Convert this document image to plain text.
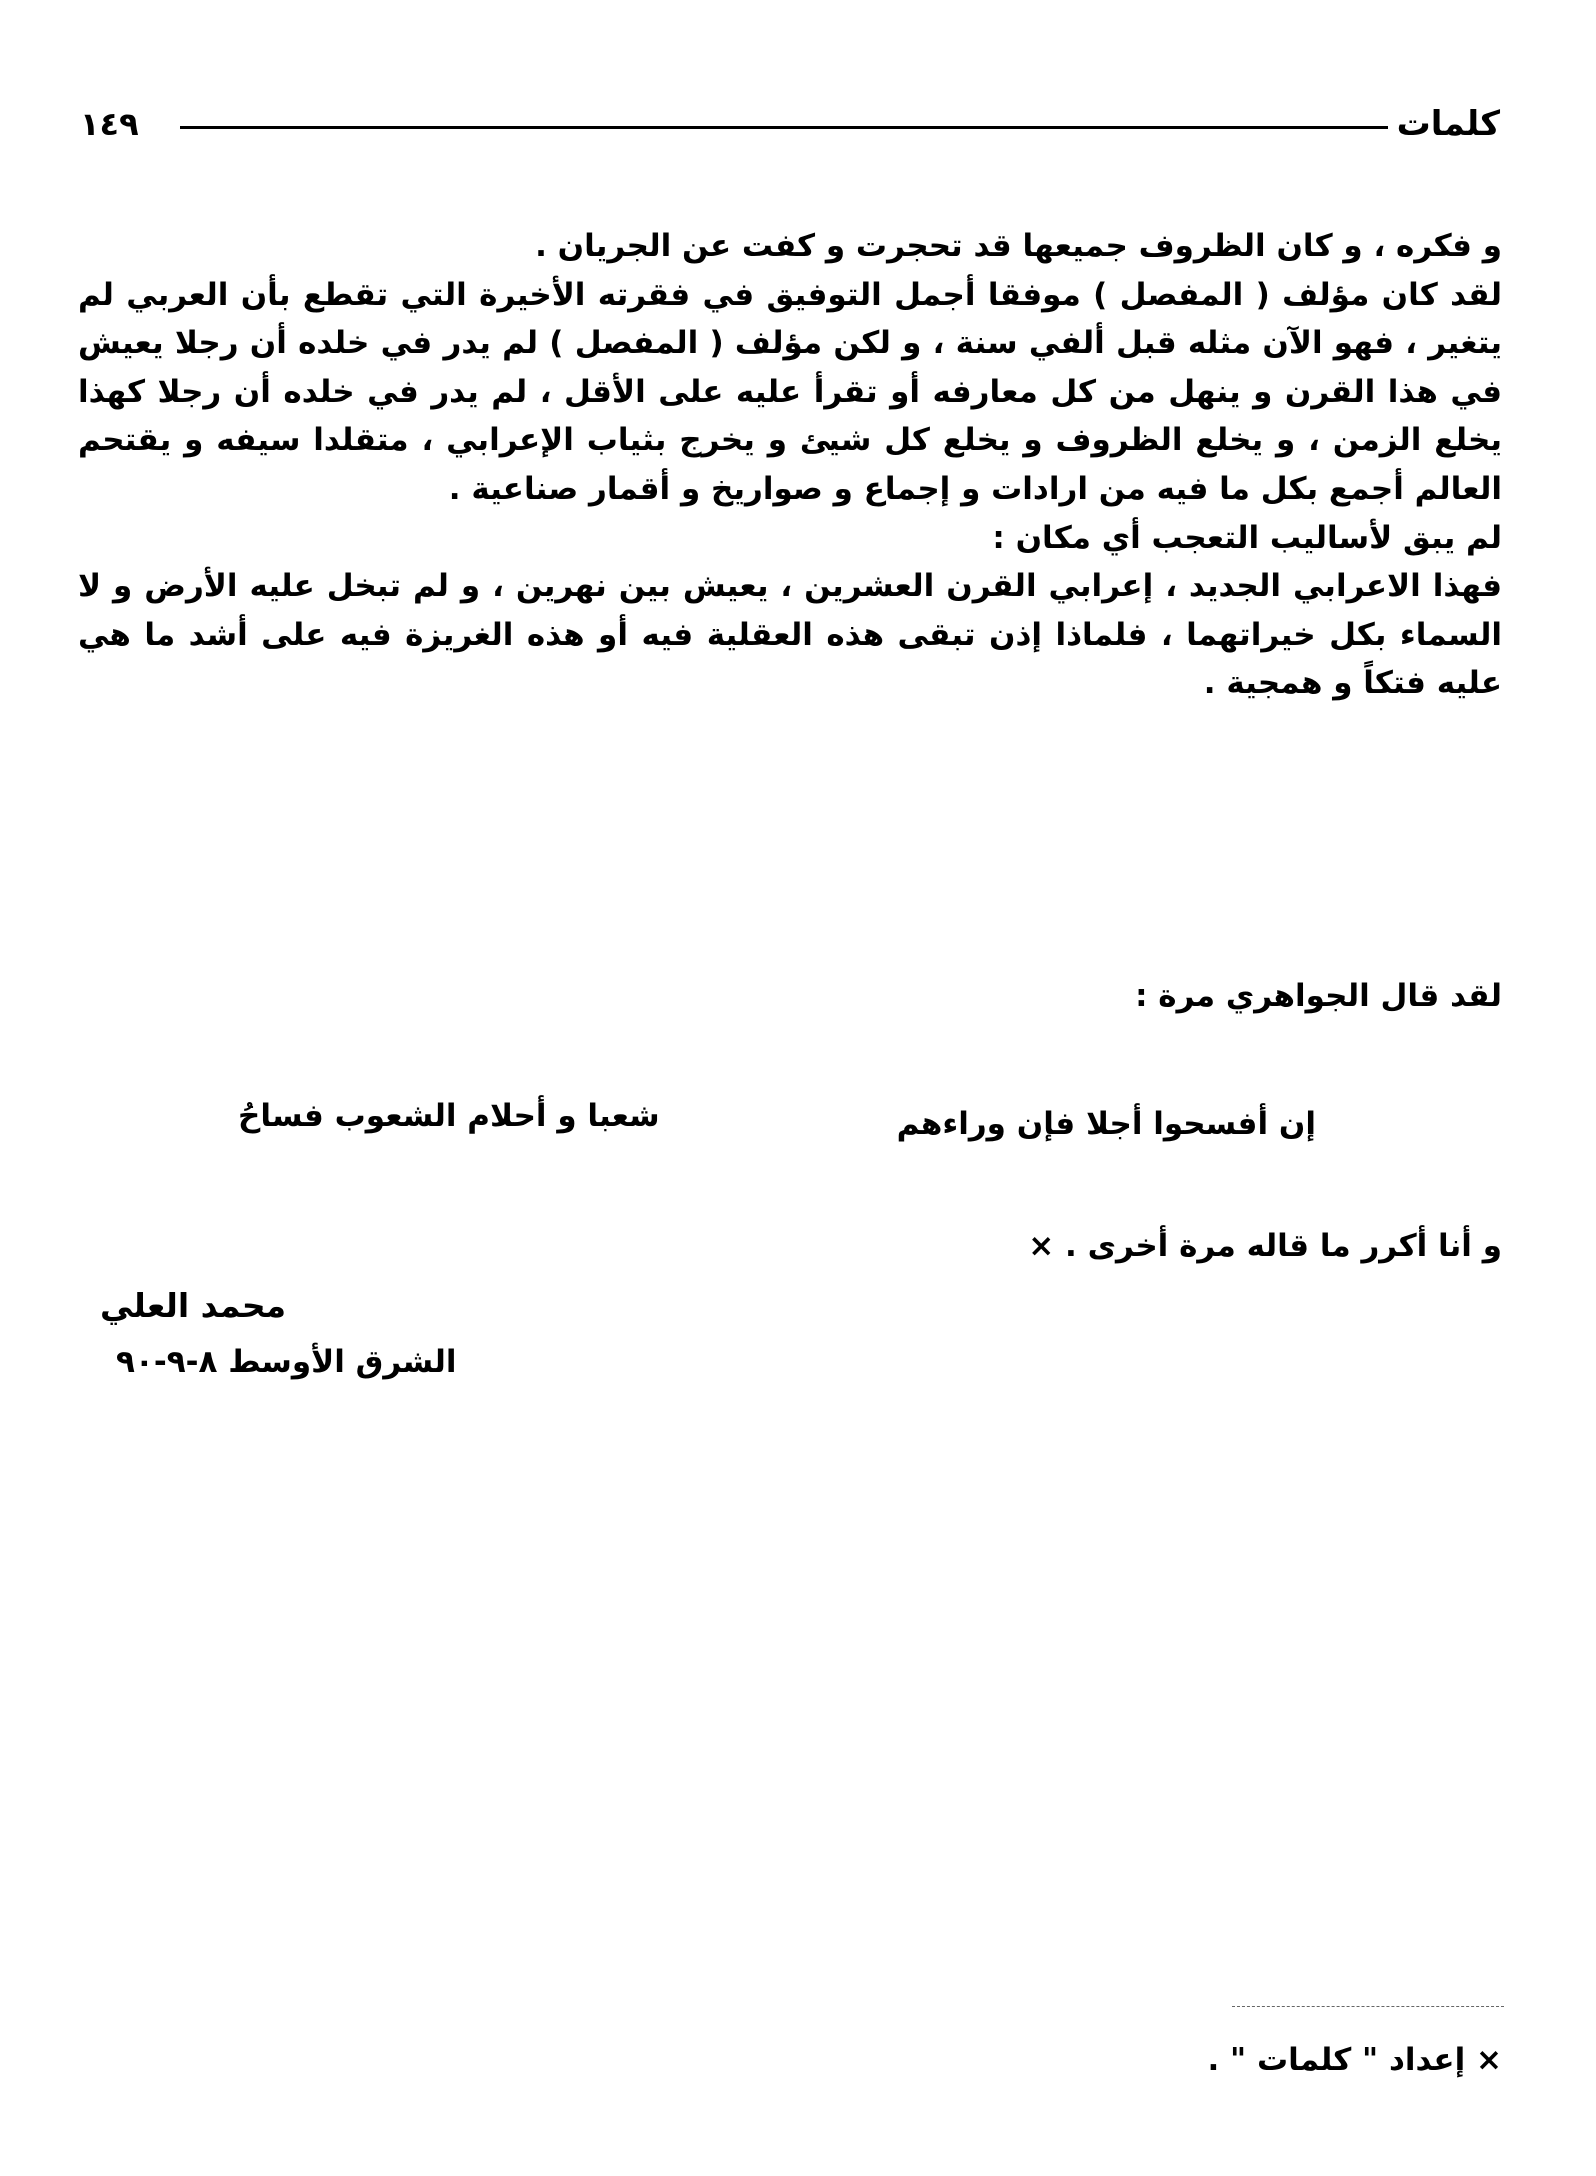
كلمات
١٤٩

و فكره ، و كان الظروف جميعها قد تحجرت و كفت عن الجريان .

لقد كان مؤلف ( المفصل ) موفقا أجمل التوفيق في فقرته الأخيرة التي تقطع بأن العربي لم يتغير ، فهو الآن مثله قبل ألفي سنة ، و لكن مؤلف ( المفصل ) لم يدر في خلده أن رجلا يعيش في هذا القرن و ينهل من كل معارفه أو تقرأ عليه على الأقل ، لم يدر في خلده أن رجلا كهذا يخلع الزمن ، و يخلع الظروف و يخلع كل شيئ و يخرج بثياب الإعرابي ، متقلدا سيفه و يقتحم العالم أجمع بكل ما فيه من ارادات و إجماع و صواريخ و أقمار صناعية .

لم يبق لأساليب التعجب أي مكان :

فهذا الاعرابي الجديد ، إعرابي القرن العشرين ، يعيش بين نهرين ، و لم تبخل عليه الأرض و لا السماء بكل خيراتهما ، فلماذا إذن تبقى هذه العقلية فيه أو هذه الغريزة فيه على أشد ما هي عليه فتكاً و همجية .

لقد قال الجواهري مرة :
إن أفسحوا أجلا فإن وراءهم
شعبا و أحلام الشعوب فساحُ
و أنا أكرر ما قاله مرة أخرى . ×
محمد العلي
الشرق الأوسط ٨-٩-٩٠
× إعداد " كلمات " .
